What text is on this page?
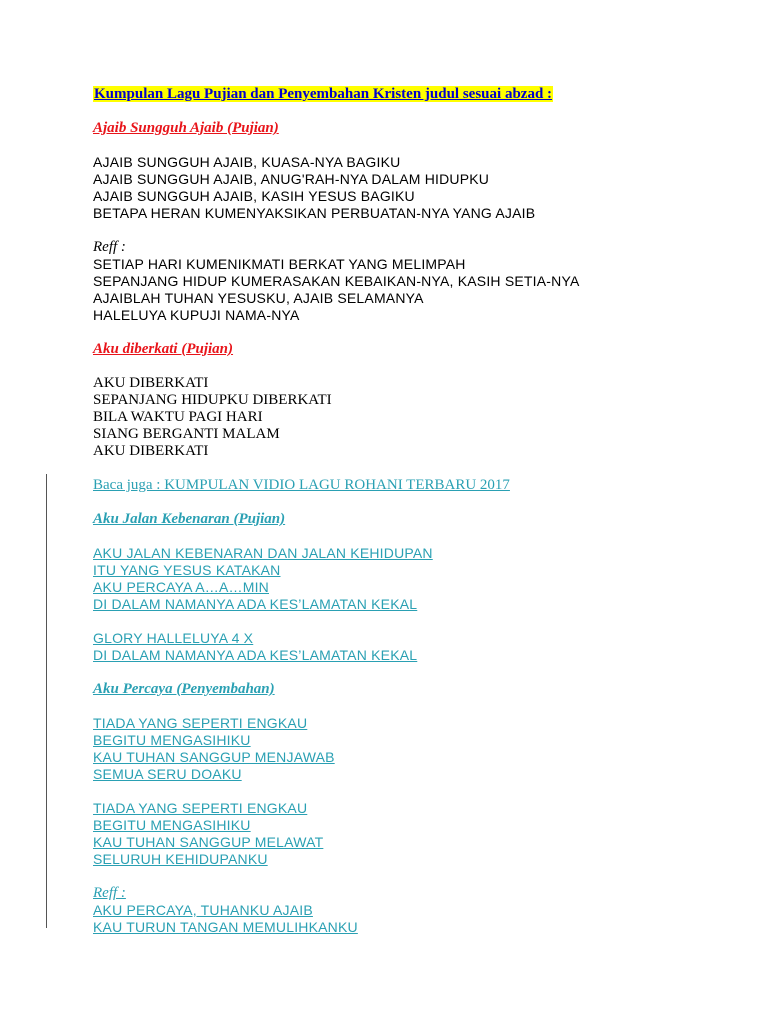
Kumpulan Lagu Pujian dan Penyembahan Kristen judul sesuai abzad :
Ajaib Sungguh Ajaib (Pujian)
AJAIB SUNGGUH AJAIB, KUASA-NYA BAGIKU
AJAIB SUNGGUH AJAIB, ANUG'RAH-NYA DALAM HIDUPKU
AJAIB SUNGGUH AJAIB, KASIH YESUS BAGIKU
BETAPA HERAN KUMENYAKSIKAN PERBUATAN-NYA YANG AJAIB
Reff :
SETIAP HARI KUMENIKMATI BERKAT YANG MELIMPAH
SEPANJANG HIDUP KUMERASAKAN KEBAIKAN-NYA, KASIH SETIA-NYA
AJAIBLAH TUHAN YESUSKU, AJAIB SELAMANYA
HALELUYA KUPUJI NAMA-NYA
Aku diberkati (Pujian)
AKU DIBERKATI
SEPANJANG HIDUPKU DIBERKATI
BILA WAKTU PAGI HARI
SIANG BERGANTI MALAM
AKU DIBERKATI
Baca juga : KUMPULAN VIDIO LAGU ROHANI TERBARU 2017
Aku Jalan Kebenaran (Pujian)
AKU JALAN KEBENARAN DAN JALAN KEHIDUPAN
ITU YANG YESUS KATAKAN
AKU PERCAYA A…A…MIN
DI DALAM NAMANYA ADA KES’LAMATAN KEKAL
GLORY HALLELUYA 4 X
DI DALAM NAMANYA ADA KES’LAMATAN KEKAL
Aku Percaya (Penyembahan)
TIADA YANG SEPERTI ENGKAU
BEGITU MENGASIHIKU
KAU TUHAN SANGGUP MENJAWAB
SEMUA SERU DOAKU
TIADA YANG SEPERTI ENGKAU
BEGITU MENGASIHIKU
KAU TUHAN SANGGUP MELAWAT
SELURUH KEHIDUPANKU
Reff :
AKU PERCAYA, TUHANKU AJAIB
KAU TURUN TANGAN MEMULIHKANKU
